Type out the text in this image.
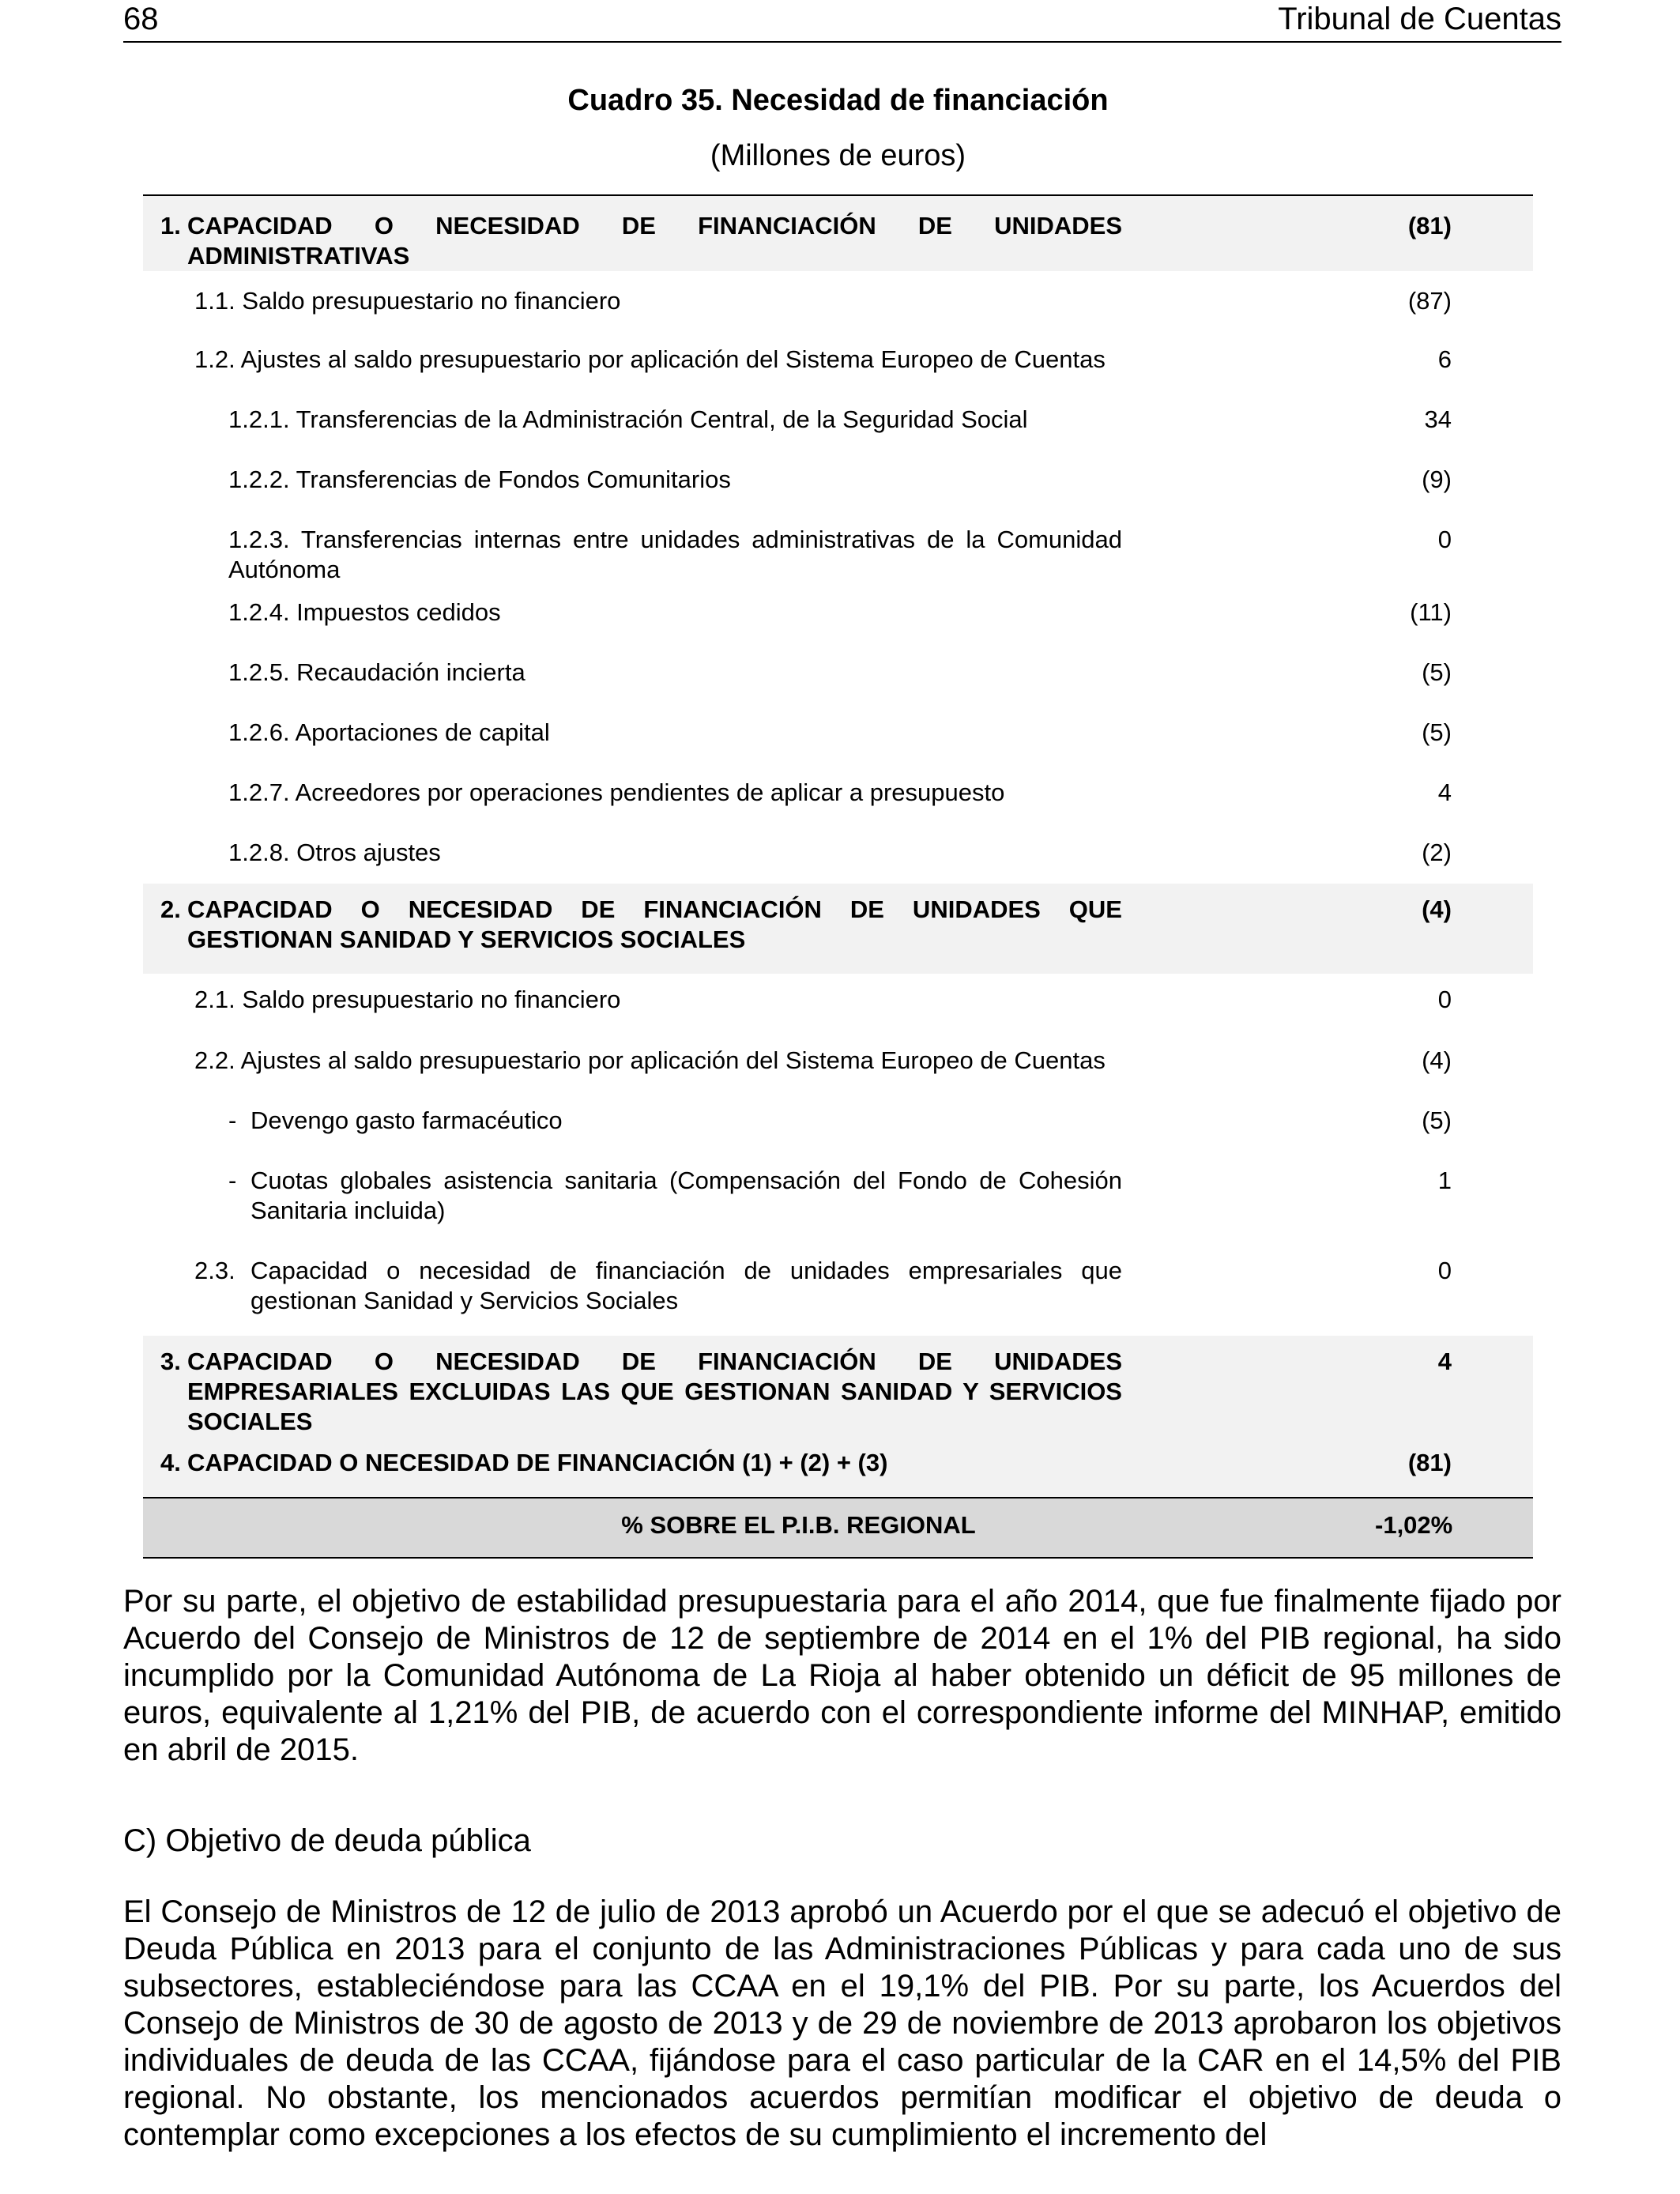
68	Tribunal de Cuentas
Cuadro 35. Necesidad de financiación
(Millones de euros)
1. CAPACIDAD O NECESIDAD DE FINANCIACIÓN DE UNIDADES ADMINISTRATIVAS	(81)
1.1. Saldo presupuestario no financiero	(87)
1.2. Ajustes al saldo presupuestario por aplicación del Sistema Europeo de Cuentas	6
1.2.1. Transferencias de la Administración Central, de la Seguridad Social	34
1.2.2. Transferencias de Fondos Comunitarios	(9)
1.2.3. Transferencias internas entre unidades administrativas de la Comunidad Autónoma	0
1.2.4. Impuestos cedidos	(11)
1.2.5. Recaudación incierta	(5)
1.2.6. Aportaciones de capital	(5)
1.2.7. Acreedores por operaciones pendientes de aplicar a presupuesto	4
1.2.8. Otros ajustes	(2)

2. CAPACIDAD O NECESIDAD DE FINANCIACIÓN DE UNIDADES QUE GESTIONAN SANIDAD Y SERVICIOS SOCIALES	(4)
2.1. Saldo presupuestario no financiero	0
2.2. Ajustes al saldo presupuestario por aplicación del Sistema Europeo de Cuentas	(4)

- Devengo gasto farmacéutico	(5)

- Cuotas globales asistencia sanitaria (Compensación del Fondo de Cohesión Sanitaria incluida)	1

2.3. Capacidad o necesidad de financiación de unidades empresariales que gestionan Sanidad y Servicios Sociales	0

3. CAPACIDAD O NECESIDAD DE FINANCIACIÓN DE UNIDADES EMPRESARIALES EXCLUIDAS LAS QUE GESTIONAN SANIDAD Y SERVICIOS SOCIALES	4

4. CAPACIDAD O NECESIDAD DE FINANCIACIÓN (1) + (2) + (3)	(81)
% SOBRE EL P.I.B. REGIONAL	-1,02%

Por su parte, el objetivo de estabilidad presupuestaria para el año 2014, que fue finalmente fijado por Acuerdo del Consejo de Ministros de 12 de septiembre de 2014 en el 1% del PIB regional, ha sido incumplido por la Comunidad Autónoma de La Rioja al haber obtenido un déficit de 95 millones de euros, equivalente al 1,21% del PIB, de acuerdo con el correspondiente informe del MINHAP, emitido en abril de 2015.

C) Objetivo de deuda pública

El Consejo de Ministros de 12 de julio de 2013 aprobó un Acuerdo por el que se adecuó el objetivo de Deuda Pública en 2013 para el conjunto de las Administraciones Públicas y para cada uno de sus subsectores, estableciéndose para las CCAA en el 19,1% del PIB. Por su parte, los Acuerdos del Consejo de Ministros de 30 de agosto de 2013 y de 29 de noviembre de 2013 aprobaron los objetivos individuales de deuda de las CCAA, fijándose para el caso particular de la CAR en el 14,5% del PIB regional. No obstante, los mencionados acuerdos permitían modificar el objetivo de deuda o contemplar como excepciones a los efectos de su cumplimiento el incremento del
